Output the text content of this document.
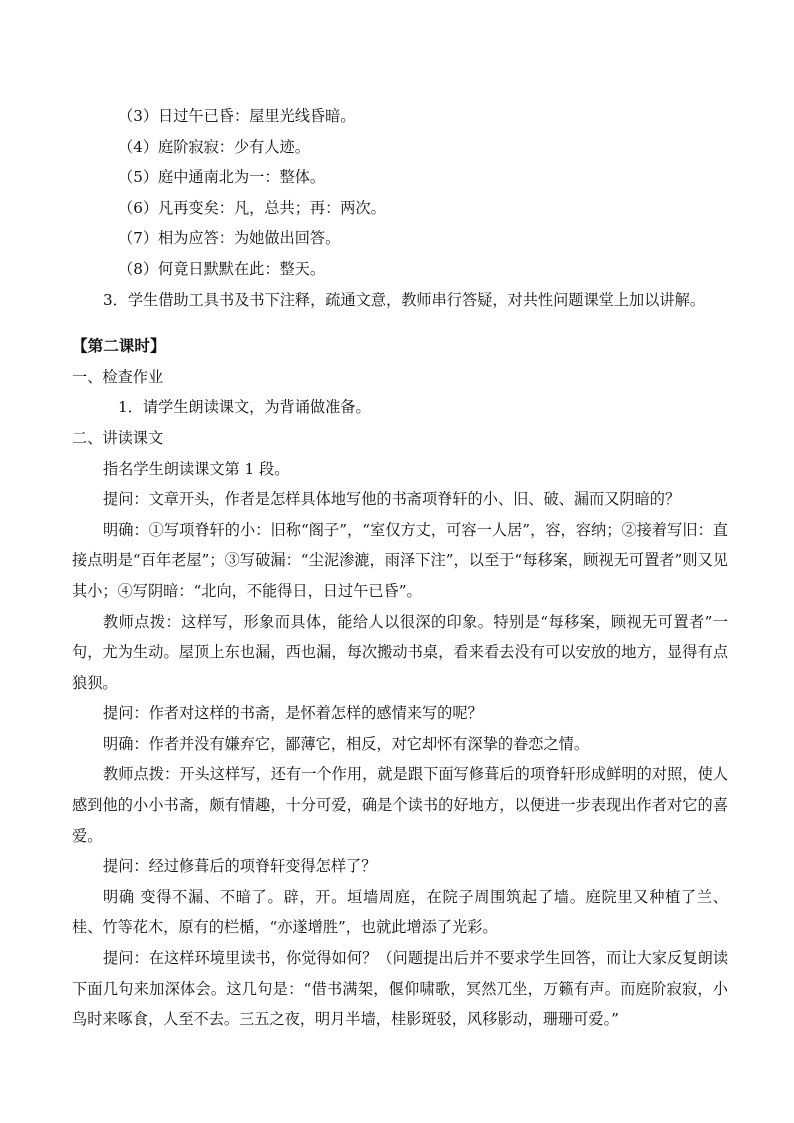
（3）日过午已昏：屋里光线昏暗。
（4）庭阶寂寂：少有人迹。
（5）庭中通南北为一：整体。
（6）凡再变矣：凡，总共；再：两次。
（7）相为应答：为她做出回答。
（8）何竟日默默在此：整天。
3．学生借助工具书及书下注释，疏通文意，教师串行答疑，对共性问题课堂上加以讲解。
【第二课时】
一、检查作业
1．请学生朗读课文，为背诵做准备。
二、讲读课文
指名学生朗读课文第 1 段。

提问：文章开头，作者是怎样具体地写他的书斋项脊轩的小、旧、破、漏而又阴暗的？

明确：①写项脊轩的小：旧称“阁子”，“室仅方丈，可容一人居”，容，容纳；②接着写旧：直接点明是“百年老屋”；③写破漏：“尘泥渗漉，雨泽下注”，以至于“每移案，顾视无可置者”则又见其小；④写阴暗：“北向，不能得日，日过午已昏”。

教师点拨：这样写，形象而具体，能给人以很深的印象。特别是“每移案，顾视无可置者”一句，尤为生动。屋顶上东也漏，西也漏，每次搬动书桌，看来看去没有可以安放的地方，显得有点狼狈。

提问：作者对这样的书斋，是怀着怎样的感情来写的呢？

明确：作者并没有嫌弃它，鄙薄它，相反，对它却怀有深挚的眷恋之情。

教师点拨：开头这样写，还有一个作用，就是跟下面写修葺后的项脊轩形成鲜明的对照，使人感到他的小小书斋，颇有情趣，十分可爱，确是个读书的好地方，以便进一步表现出作者对它的喜爱。

提问：经过修葺后的项脊轩变得怎样了？

明确 变得不漏、不暗了。辟，开。垣墙周庭，在院子周围筑起了墙。庭院里又种植了兰、桂、竹等花木，原有的栏楯，“亦遂增胜”，也就此增添了光彩。

提问：在这样环境里读书，你觉得如何？（问题提出后并不要求学生回答，而让大家反复朗读下面几句来加深体会。这几句是：“借书满架，偃仰啸歌，冥然兀坐，万籁有声。而庭阶寂寂，小鸟时来啄食，人至不去。三五之夜，明月半墙，桂影斑驳，风移影动，珊珊可爱。”
